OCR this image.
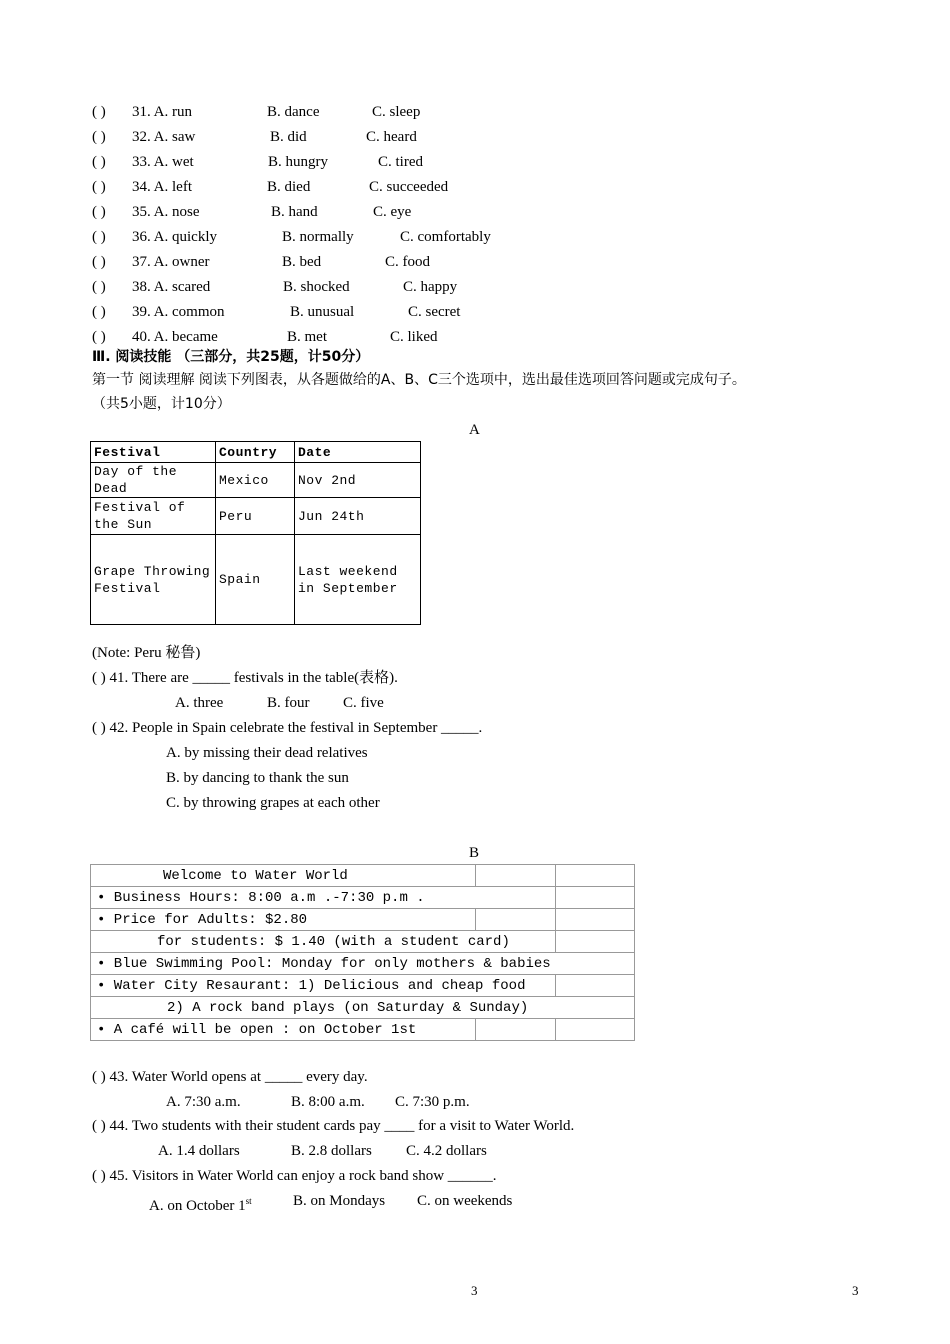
( ) 31. A. run	B. dance	C. sleep
( ) 32. A. saw	B. did	C. heard
( ) 33. A. wet	B. hungry	C. tired
( ) 34. A. left	B. died	C. succeeded
( ) 35. A. nose	B. hand	C. eye
( ) 36. A. quickly	B. normally	C. comfortably
( ) 37. A. owner	B. bed	C. food
( ) 38. A. scared	B. shocked	C. happy
( ) 39. A. common	B. unusual	C. secret
( ) 40. A. became	B. met	C. liked
Ⅲ. 阅读技能 （三部分，共25题，计50分）
第一节 阅读理解 阅读下列图表，从各题做给的A、B、C三个选项中，选出最佳选项回答问题或完成句子。
（共5小题，计10分）
A
Festival	Country	Date
Day of the Dead	Mexico	Nov 2nd
Festival of the Sun	Peru	Jun 24th
Grape Throwing Festival	Spain	Last weekend in September
(Note: Peru 秘鲁)
( ) 41. There are _____ festivals in the table(表格).
A. three	B. four C. five
( ) 42. People in Spain celebrate the festival in September _____.
A. by missing their dead relatives
B. by dancing to thank the sun
C. by throwing grapes at each other
B
Welcome to Water World		
• Business Hours: 8:00 a.m .-7:30 p.m .		
• Price for Adults: $2.80		
for students: $ 1.40 (with a student card)		
• Blue Swimming Pool: Monday for only mothers & babies		
• Water City Resaurant: 1) Delicious and cheap food		
2) A rock band plays (on Saturday & Sunday)		
• A café will be open : on October 1st		
( ) 43. Water World opens at _____ every day.
A. 7:30 a.m.	B. 8:00 a.m. C. 7:30 p.m.
( ) 44. Two students with their student cards pay ____ for a visit to Water World.
A. 1.4 dollars	B. 2.8 dollars C. 4.2 dollars
( ) 45. Visitors in Water World can enjoy a rock band show ______.
A. on October 1st	B. on Mondays C. on weekends
3	3
